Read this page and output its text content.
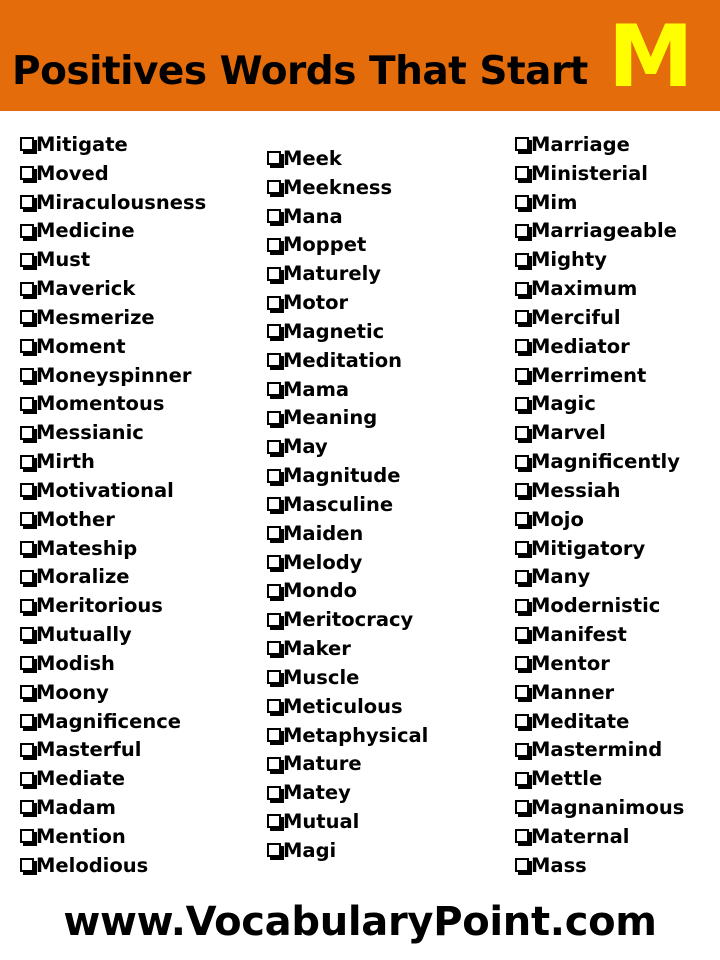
Positives Words That Start M
Mitigate
Moved
Miraculousness
Medicine
Must
Maverick
Mesmerize
Moment
Moneyspinner
Momentous
Messianic
Mirth
Motivational
Mother
Mateship
Moralize
Meritorious
Mutually
Modish
Moony
Magnificence
Masterful
Mediate
Madam
Mention
Melodious
Meek
Meekness
Mana
Moppet
Maturely
Motor
Magnetic
Meditation
Mama
Meaning
May
Magnitude
Masculine
Maiden
Melody
Mondo
Meritocracy
Maker
Muscle
Meticulous
Metaphysical
Mature
Matey
Mutual
Magi
Marriage
Ministerial
Mim
Marriageable
Mighty
Maximum
Merciful
Mediator
Merriment
Magic
Marvel
Magnificently
Messiah
Mojo
Mitigatory
Many
Modernistic
Manifest
Mentor
Manner
Meditate
Mastermind
Mettle
Magnanimous
Maternal
Mass
www.VocabularyPoint.com
